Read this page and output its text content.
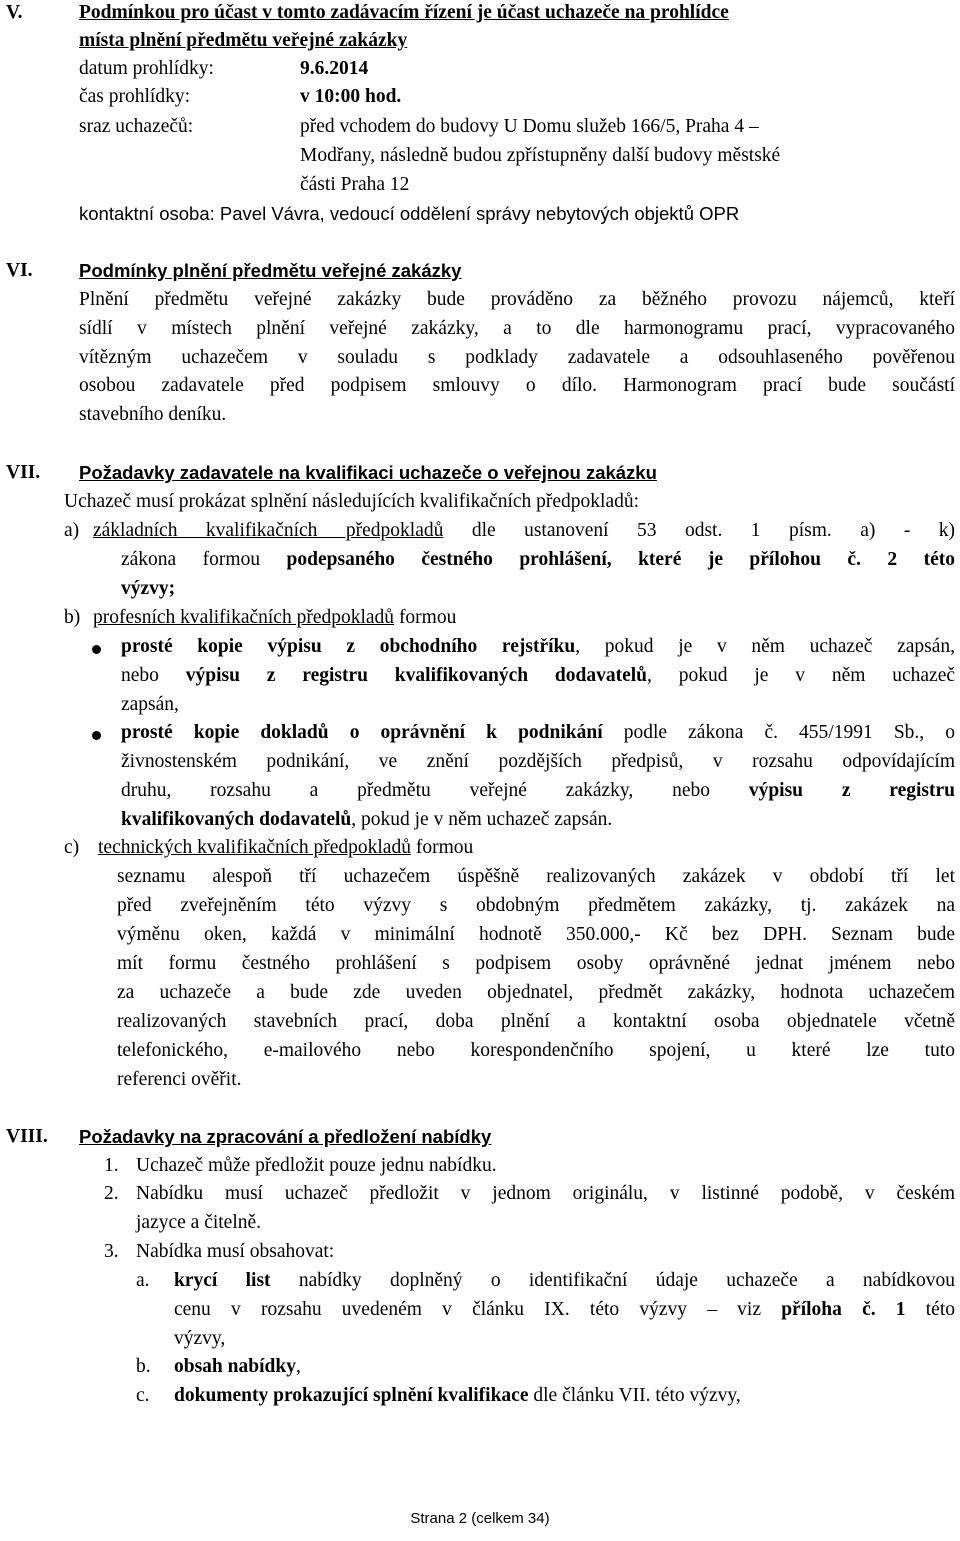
V.	Podmínkou pro účast v tomto zadávacím řízení je účast uchazeče na prohlídce
místa plnění předmětu veřejné zakázky
datum prohlídky:	9.6.2014
čas prohlídky:	v 10:00 hod.
sraz uchazečů:	před vchodem do budovy U Domu služeb 166/5, Praha 4 –
Modřany, následně budou zpřístupněny další budovy městské
části Praha 12
kontaktní osoba: Pavel Vávra, vedoucí oddělení správy nebytových objektů OPR
VI.	Podmínky plnění předmětu veřejné zakázky
Plnění předmětu veřejné zakázky bude prováděno za běžného provozu nájemců, kteří
sídlí v místech plnění veřejné zakázky, a to dle harmonogramu prací, vypracovaného
vítězným uchazečem v souladu s podklady zadavatele a odsouhlaseného pověřenou
osobou zadavatele před podpisem smlouvy o dílo. Harmonogram prací bude součástí
stavebního deníku.
VII. Požadavky zadavatele na kvalifikaci uchazeče o veřejnou zakázku
Uchazeč musí prokázat splnění následujících kvalifikačních předpokladů:
a) základních kvalifikačních předpokladů dle ustanovení 53 odst. 1 písm. a) - k)
zákona formou podepsaného čestného prohlášení, které je přílohou č. 2 této
výzvy;
b) profesních kvalifikačních předpokladů formou
prosté kopie výpisu z obchodního rejstříku, pokud je v něm uchazeč zapsán,
nebo výpisu z registru kvalifikovaných dodavatelů, pokud je v něm uchazeč
zapsán,
prosté kopie dokladů o oprávnění k podnikání podle zákona č. 455/1991 Sb., o
živnostenském podnikání, ve znění pozdějších předpisů, v rozsahu odpovídajícím
druhu, rozsahu a předmětu veřejné zakázky, nebo výpisu z registru
kvalifikovaných dodavatelů, pokud je v něm uchazeč zapsán.
c) technických kvalifikačních předpokladů formou
seznamu alespoň tří uchazečem úspěšně realizovaných zakázek v období tří let
před zveřejněním této výzvy s obdobným předmětem zakázky, tj. zakázek na
výměnu oken, každá v minimální hodnotě 350.000,- Kč bez DPH. Seznam bude
mít formu čestného prohlášení s podpisem osoby oprávněné jednat jménem nebo
za uchazeče a bude zde uveden objednatel, předmět zakázky, hodnota uchazečem
realizovaných stavebních prací, doba plnění a kontaktní osoba objednatele včetně
telefonického, e-mailového nebo korespondenčního spojení, u které lze tuto
referenci ověřit.
VIII. Požadavky na zpracování a předložení nabídky
1. Uchazeč může předložit pouze jednu nabídku.
2. Nabídku musí uchazeč předložit v jednom originálu, v listinné podobě, v českém
jazyce a čitelně.
3. Nabídka musí obsahovat:
a. krycí list nabídky doplněný o identifikační údaje uchazeče a nabídkovou
cenu v rozsahu uvedeném v článku IX. této výzvy – viz příloha č. 1 této
výzvy,
b. obsah nabídky,
c. dokumenty prokazující splnění kvalifikace dle článku VII. této výzvy,
Strana 2 (celkem 34)
